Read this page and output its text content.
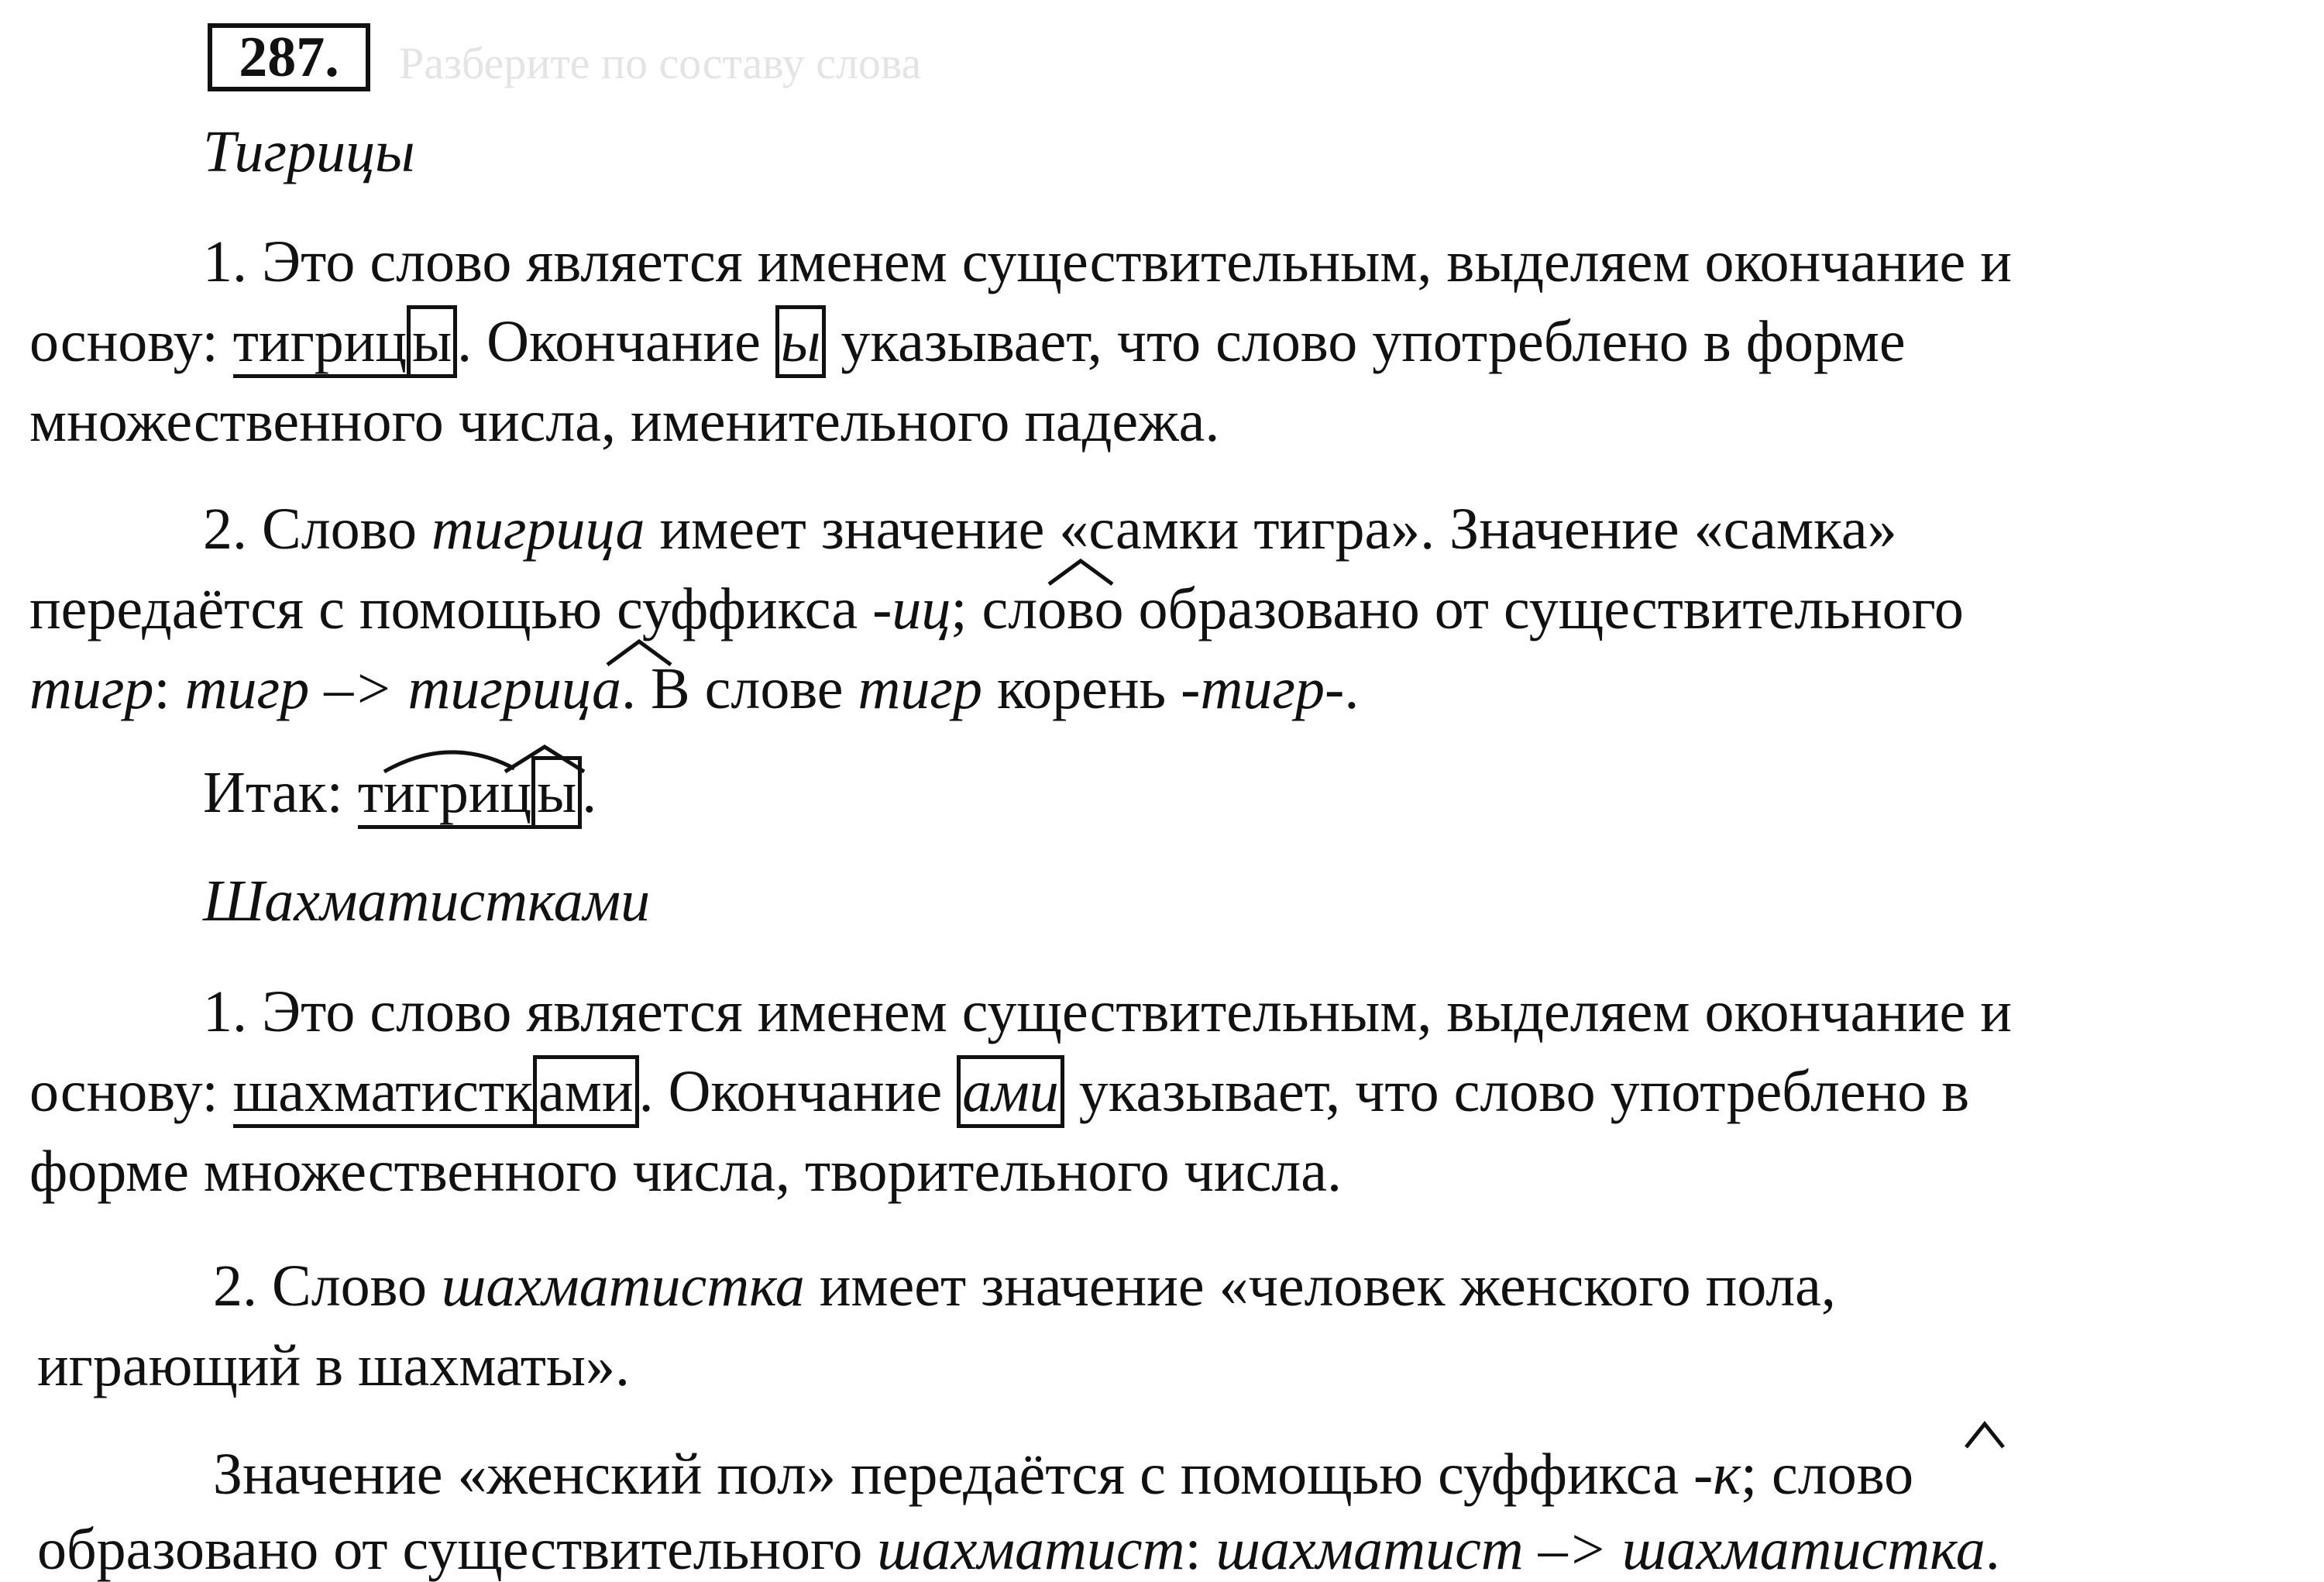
287.	Разберите по составу слова
Тигрицы
1. Это слово является именем существительным, выделяем окончание и
основу: тигрицы. Окончание ы указывает, что слово употреблено в форме
множественного числа, именительного падежа.
2. Слово тигрица имеет значение «самки тигра». Значение «самка»
передаётся с помощью суффикса -иц; слово образовано от существительного
тигр: тигр –> тигрица. В слове тигр корень -тигр-.
Итак: тигрицы.
Шахматистками
1. Это слово является именем существительным, выделяем окончание и
основу: шахматистками. Окончание ами указывает, что слово употреблено в
форме множественного числа, творительного числа.
2. Слово шахматистка имеет значение «человек женского пола,
играющий в шахматы».
Значение «женский пол» передаётся с помощью суффикса -к; слово
образовано от существительного шахматист: шахматист –> шахматистка.
